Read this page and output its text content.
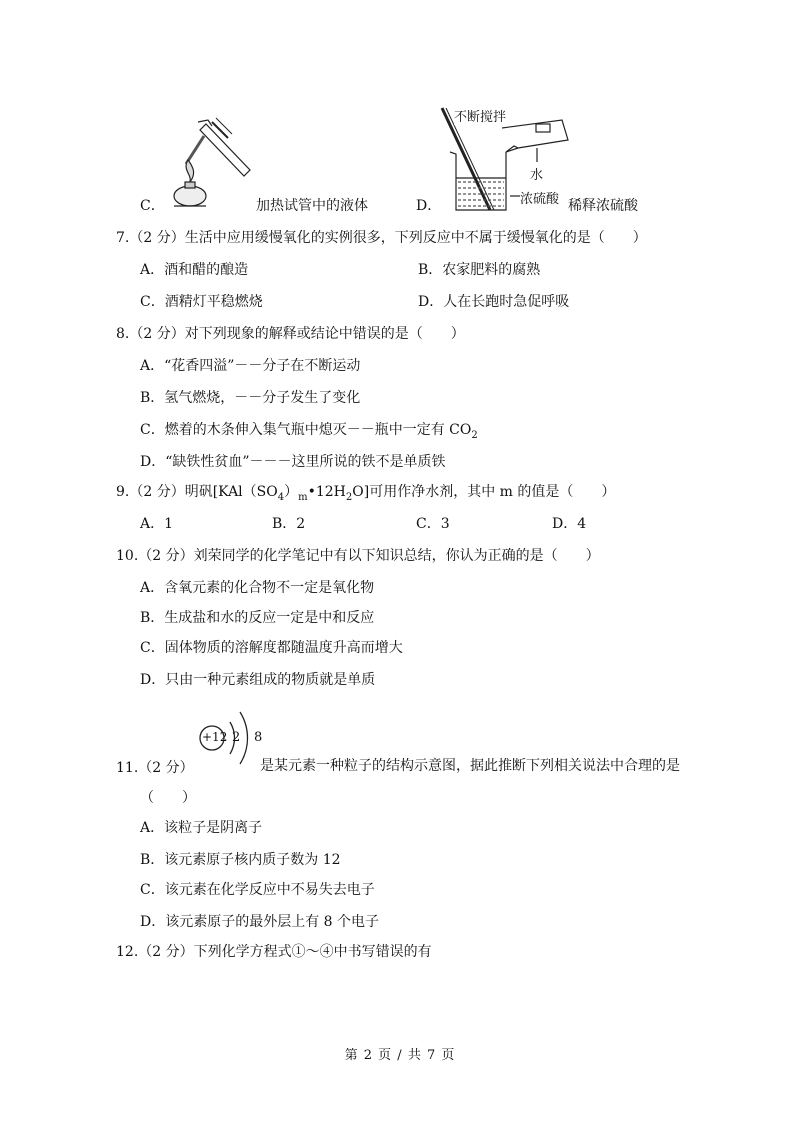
C．	加热试管中的液体
不断搅拌
水
浓硫酸
D．	稀释浓硫酸
7.（2 分）生活中应用缓慢氧化的实例很多，下列反应中不属于缓慢氧化的是（　　）
A．酒和醋的酿造	B．农家肥料的腐熟
C．酒精灯平稳燃烧	D．人在长跑时急促呼吸
8.（2 分）对下列现象的解释或结论中错误的是（　　）
A．“花香四溢”－－分子在不断运动
B．氢气燃烧，－－分子发生了变化
C．燃着的木条伸入集气瓶中熄灭－－瓶中一定有 $CO_2$
D．“缺铁性贫血”－－－这里所说的铁不是单质铁
9.（2 分）明矾$[KAl(SO_4)_m•12H_2O]$可用作净水剂，其中 m 的值是（　　）
A．1	B．2	C．3	D．4
10.（2 分）刘荣同学的化学笔记中有以下知识总结，你认为正确的是（　　）
A．含氧元素的化合物不一定是氧化物
B．生成盐和水的反应一定是中和反应
C．固体物质的溶解度都随温度升高而增大
D．只由一种元素组成的物质就是单质
+12 2 8
11.（2 分）	是某元素一种粒子的结构示意图，据此推断下列相关说法中合理的是
（　　）
A．该粒子是阴离子
B．该元素原子核内质子数为 12
C．该元素在化学反应中不易失去电子
D．该元素原子的最外层上有 8 个电子
12.（2 分）下列化学方程式①～④中书写错误的有
第 2 页 / 共 7 页
